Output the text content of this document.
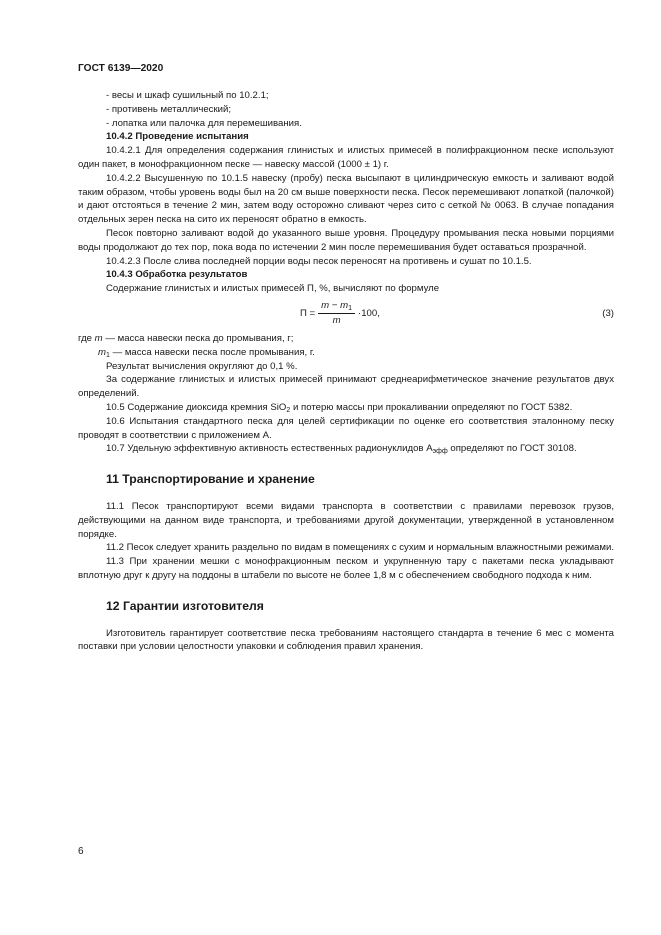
ГОСТ 6139—2020

- весы и шкаф сушильный по 10.2.1;

- противень металлический;

- лопатка или палочка для перемешивания.

10.4.2 Проведение испытания

10.4.2.1 Для определения содержания глинистых и илистых примесей в полифракционном песке используют один пакет, в монофракционном песке — навеску массой (1000 ± 1) г.

10.4.2.2 Высушенную по 10.1.5 навеску (пробу) песка высыпают в цилиндрическую емкость и заливают водой таким образом, чтобы уровень воды был на 20 см выше поверхности песка. Песок перемешивают лопаткой (палочкой) и дают отстояться в течение 2 мин, затем воду осторожно сливают через сито с сеткой № 0063. В случае попадания отдельных зерен песка на сито их переносят обратно в емкость.

Песок повторно заливают водой до указанного выше уровня. Процедуру промывания песка новыми порциями воды продолжают до тех пор, пока вода по истечении 2 мин после перемешивания будет оставаться прозрачной.

10.4.2.3 После слива последней порции воды песок переносят на противень и сушат по 10.1.5.

10.4.3 Обработка результатов

Содержание глинистых и илистых примесей П, %, вычисляют по формуле

$П = \frac{m - m_1}{m} \cdot 100$,	(3)

где m — масса навески песка до промывания, г;

$m_1$ — масса навески песка после промывания, г.

Результат вычисления округляют до 0,1 %.

За содержание глинистых и илистых примесей принимают среднеарифметическое значение результатов двух определений.

10.5 Содержание диоксида кремния SiO$_2$ и потерю массы при прокаливании определяют по ГОСТ 5382.

10.6 Испытания стандартного песка для целей сертификации по оценке его соответствия эталонному песку проводят в соответствии с приложением А.

10.7 Удельную эффективную активность естественных радионуклидов $А_{эфф}$ определяют по ГОСТ 30108.

11 Транспортирование и хранение

11.1 Песок транспортируют всеми видами транспорта в соответствии с правилами перевозок грузов, действующими на данном виде транспорта, и требованиями другой документации, утвержденной в установленном порядке.

11.2 Песок следует хранить раздельно по видам в помещениях с сухим и нормальным влажностными режимами.

11.3 При хранении мешки с монофракционным песком и укрупненную тару с пакетами песка укладывают вплотную друг к другу на поддоны в штабели по высоте не более 1,8 м с обеспечением свободного подхода к ним.

12 Гарантии изготовителя

Изготовитель гарантирует соответствие песка требованиям настоящего стандарта в течение 6 мес с момента поставки при условии целостности упаковки и соблюдения правил хранения.

6
